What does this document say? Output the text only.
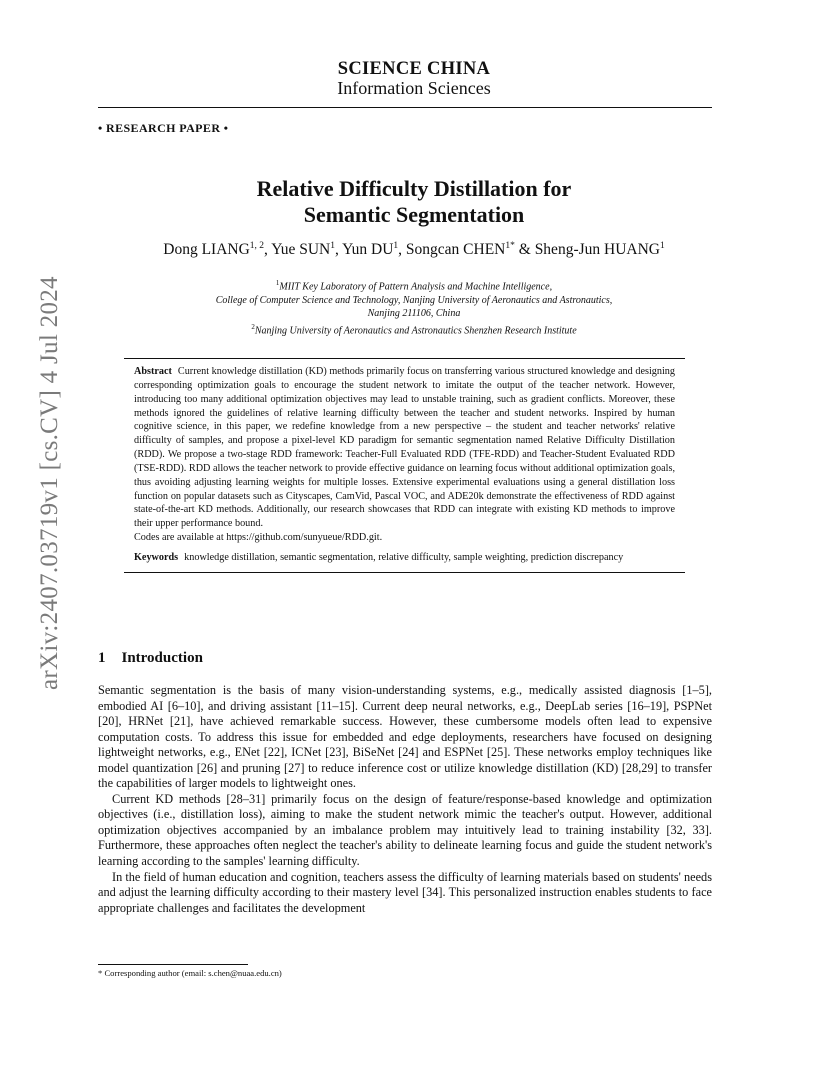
arXiv:2407.03719v1 [cs.CV] 4 Jul 2024
SCIENCE CHINA
Information Sciences
• RESEARCH PAPER •
Relative Difficulty Distillation for
Semantic Segmentation
Dong LIANG$^{1, 2}$, Yue SUN$^1$, Yun $DU^1$, Songcan $CHEN^{1*}$ & Sheng-Jun HUANG$^1$
$^1$MIIT Key Laboratory of Pattern Analysis and Machine Intelligence,
College of Computer Science and Technology, Nanjing University of Aeronautics and Astronautics,
Nanjing 211106, China
$^2$Nanjing University of Aeronautics and Astronautics Shenzhen Research Institute
Abstract Current knowledge distillation (KD) methods primarily focus on transferring various structured knowledge and designing corresponding optimization goals to encourage the student network to imitate the output of the teacher network. However, introducing too many additional optimization objectives may lead to unstable training, such as gradient conflicts. Moreover, these methods ignored the guidelines of relative learning difficulty between the teacher and student networks. Inspired by human cognitive science, in this paper, we redefine knowledge from a new perspective – the student and teacher networks' relative difficulty of samples, and propose a pixel-level KD paradigm for semantic segmentation named Relative Difficulty Distillation (RDD). We propose a two-stage RDD framework: Teacher-Full Evaluated RDD (TFE-RDD) and Teacher-Student Evaluated RDD (TSE-RDD). RDD allows the teacher network to provide effective guidance on learning focus without additional optimization goals, thus avoiding adjusting learning weights for multiple losses. Extensive experimental evaluations using a general distillation loss function on popular datasets such as Cityscapes, CamVid, Pascal VOC, and ADE20k demonstrate the effectiveness of RDD against state-of-the-art KD methods. Additionally, our research showcases that RDD can integrate with existing KD methods to improve their upper performance bound.
Codes are available at https://github.com/sunyueue/RDD.git.
Keywords knowledge distillation, semantic segmentation, relative difficulty, sample weighting, prediction discrepancy
1 Introduction

Semantic segmentation is the basis of many vision-understanding systems, e.g., medically assisted diagnosis [1–5], embodied AI [6–10], and driving assistant [11–15]. Current deep neural networks, e.g., DeepLab series [16–19], PSPNet [20], HRNet [21], have achieved remarkable success. However, these cumbersome models often lead to expensive computation costs. To address this issue for embedded and edge deployments, researchers have focused on designing lightweight networks, e.g., ENet [22], ICNet [23], BiSeNet [24] and ESPNet [25]. These networks employ techniques like model quantization [26] and pruning [27] to reduce inference cost or utilize knowledge distillation (KD) [28,29] to transfer the capabilities of larger models to lightweight ones.

Current KD methods [28–31] primarily focus on the design of feature/response-based knowledge and optimization objectives (i.e., distillation loss), aiming to make the student network mimic the teacher's output. However, additional optimization objectives accompanied by an imbalance problem may intuitively lead to training instability [32, 33]. Furthermore, these approaches often neglect the teacher's ability to delineate learning focus and guide the student network's learning according to the samples' learning difficulty.

In the field of human education and cognition, teachers assess the difficulty of learning materials based on students' needs and adjust the learning difficulty according to their mastery level [34]. This personalized instruction enables students to face appropriate challenges and facilitates the development

* Corresponding author (email: s.chen@nuaa.edu.cn)
